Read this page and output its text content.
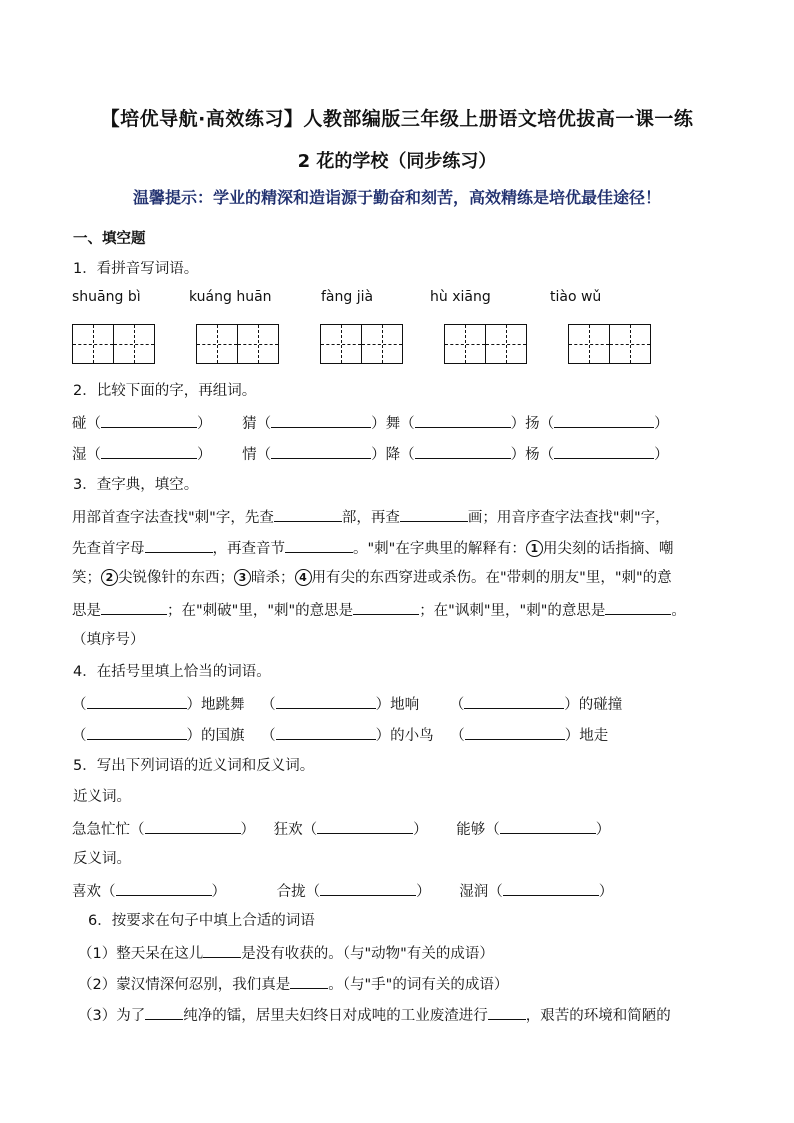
【培优导航·高效练习】人教部编版三年级上册语文培优拔高一课一练
2 花的学校（同步练习）
温馨提示：学业的精深和造诣源于勤奋和刻苦，高效精练是培优最佳途径！
一、填空题
1．看拼音写词语。
shuāng bì	kuáng huān	fàng jià	hù xiāng	tiào wǔ
2．比较下面的字，再组词。
碰（	） 猜（	）舞（	）扬（	）
湿（	） 情（	）降（	）杨（	）
3．查字典，填空。
用部首查字法查找"刺"字，先查	部，再查	画；用音序查字法查找"刺"字，
先查首字母	，再查音节	。"刺"在字典里的解释有： 1 用尖刻的话指摘、嘲
笑； 2 尖锐像针的东西； 3 暗杀； 4 用有尖的东西穿进或杀伤。在"带刺的朋友"里，"刺"的意
思是	；在"刺破"里，"刺"的意思是	；在"讽刺"里，"刺"的意思是	。
（填序号）
4．在括号里填上恰当的词语。
（	）地跳舞 （	）地响 （	）的碰撞
（	）的国旗 （	）的小鸟 （	）地走
5．写出下列词语的近义词和反义词。
近义词。
急急忙忙（	） 狂欢（	） 能够（	）
反义词。
喜欢（	）	合拢（	） 湿润（	）
6．按要求在句子中填上合适的词语
（1）整天呆在这儿	是没有收获的。（与"动物"有关的成语）
（2）蒙汉情深何忍别，我们真是	。（与"手"的词有关的成语）
（3）为了	纯净的镭，居里夫妇终日对成吨的工业废渣进行	，艰苦的环境和简陋的
